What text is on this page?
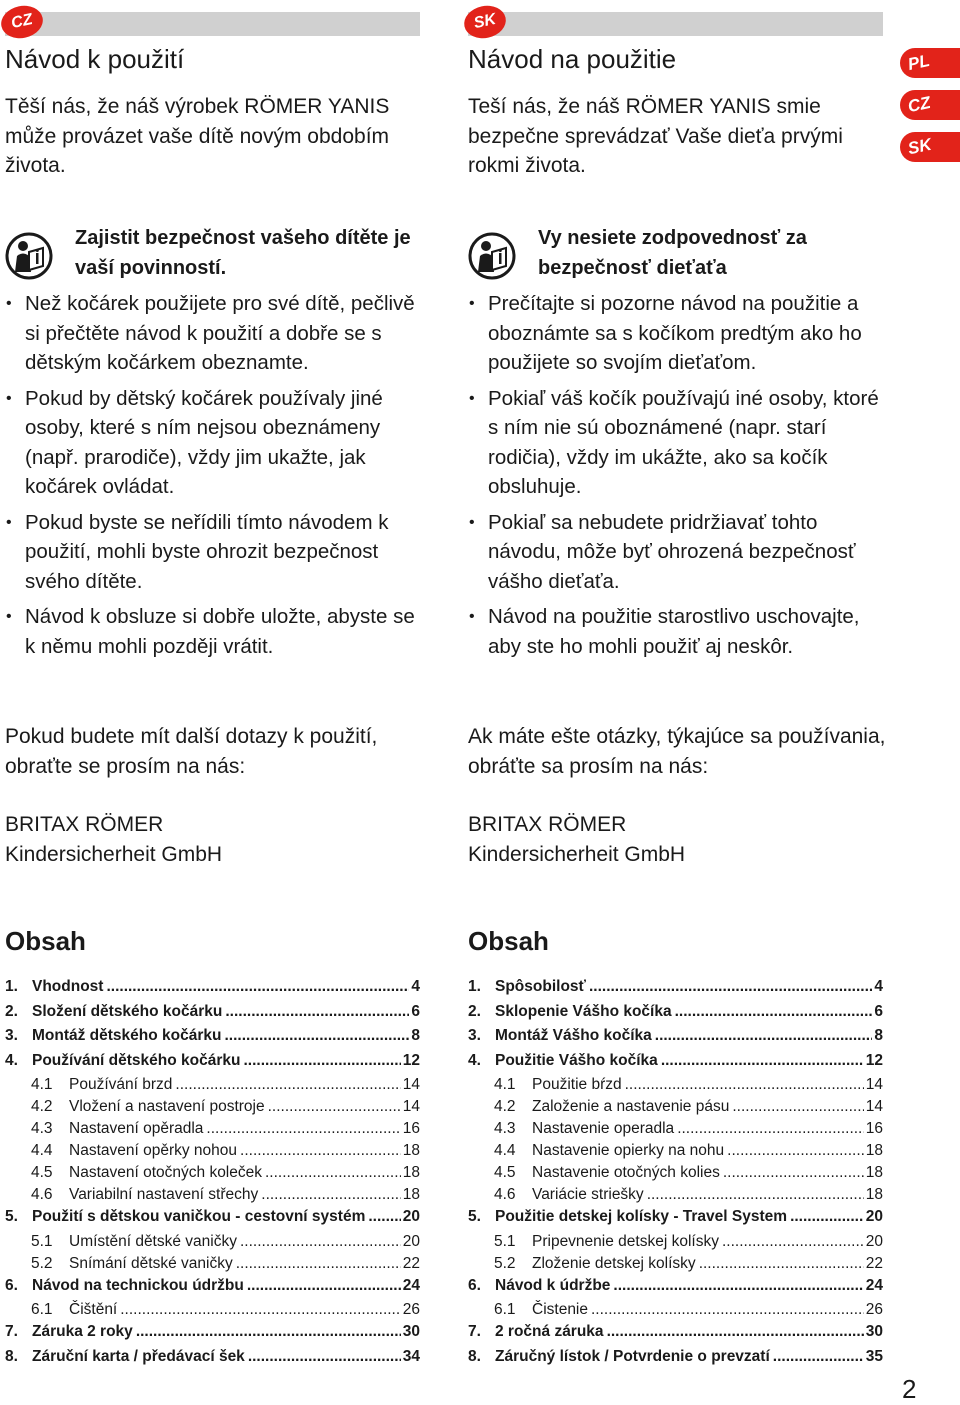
CZ
Návod k použití

Těší nás, že náš výrobek RÖMER YANIS může provázet vaše dítě novým obdobím života.

Zajistit bezpečnost vašeho dítěte je vaší povinností.

• Než kočárek použijete pro své dítě, pečlivě si přečtěte návod k použití a dobře se s dětským kočárkem obeznamte.
• Pokud by dětský kočárek používaly jiné osoby, které s ním nejsou obeznámeny (např. prarodiče), vždy jim ukažte, jak kočárek ovládat.
• Pokud byste se neřídili tímto návodem k použití, mohli byste ohrozit bezpečnost svého dítěte.
• Návod k obsluze si dobře uložte, abyste se k němu mohli později vrátit.

Pokud budete mít další dotazy k použití, obraťte se prosím na nás:

BRITAX RÖMER
Kindersicherheit GmbH

Obsah
1. Vhodnost .....	4
2. Složení dětského kočárku .....	6
3. Montáž dětského kočárku .....	8
4. Používání dětského kočárku .....	12
4.1	Používání brzd .....	14
4.2	Vložení a nastavení postroje .....	14
4.3	Nastavení opěradla .....	16
4.4	Nastavení opěrky nohou .....	18
4.5	Nastavení otočných koleček .....	18
4.6	Variabilní nastavení střechy .....	18
5. Použití s dětskou vaničkou - cestovní systém ..... 20
5.1	Umístění dětské vaničky .....	20
5.2	Snímání dětské vaničky .....	22
6. Návod na technickou údržbu .....	24
6.1	Čištění .....	26
7. Záruka 2 roky .....	30
8. Záruční karta / předávací šek .....	34
SK
Návod na použitie

Teší nás, že náš RÖMER YANIS smie bezpečne sprevádzať Vaše dieťa prvými rokmi života.

Vy nesiete zodpovednosť za bezpečnosť dieťaťa

• Prečítajte si pozorne návod na použitie a oboznámte sa s kočíkom predtým ako ho použijete so svojím dieťaťom.
• Pokiaľ váš kočík používajú iné osoby, ktoré s ním nie sú oboznámené (napr. starí rodičia), vždy im ukážte, ako sa kočík obsluhuje.
• Pokiaľ sa nebudete pridržiavať tohto návodu, môže byť ohrozená bezpečnosť vášho dieťaťa.
• Návod na použitie starostlivo uschovajte, aby ste ho mohli použiť aj neskôr.

Ak máte ešte otázky, týkajúce sa používania, obráťte sa prosím na nás:

BRITAX RÖMER
Kindersicherheit GmbH

Obsah
1. Spôsobilosť .....	4
2. Sklopenie Vášho kočíka .....	6
3. Montáž Vášho kočíka .....	8
4. Použitie Vášho kočíka .....	12
4.1	Použitie bŕzd .....	14
4.2	Založenie a nastavenie pásu .....	14
4.3	Nastavenie operadla .....	16
4.4	Nastavenie opierky na nohu .....	18
4.5	Nastavenie otočných kolies .....	18
4.6	Variácie striešky .....	18
5. Použitie detskej kolísky - Travel System .....	20
5.1	Pripevnenie detskej kolísky .....	20
5.2	Zloženie detskej kolísky .....	22
6. Návod k údržbe .....	24
6.1	Čistenie .....	26
7. 2 ročná záruka .....	30
8. Záručný lístok / Potvrdenie o prevzatí .....	35
PL
CZ
SK
2
